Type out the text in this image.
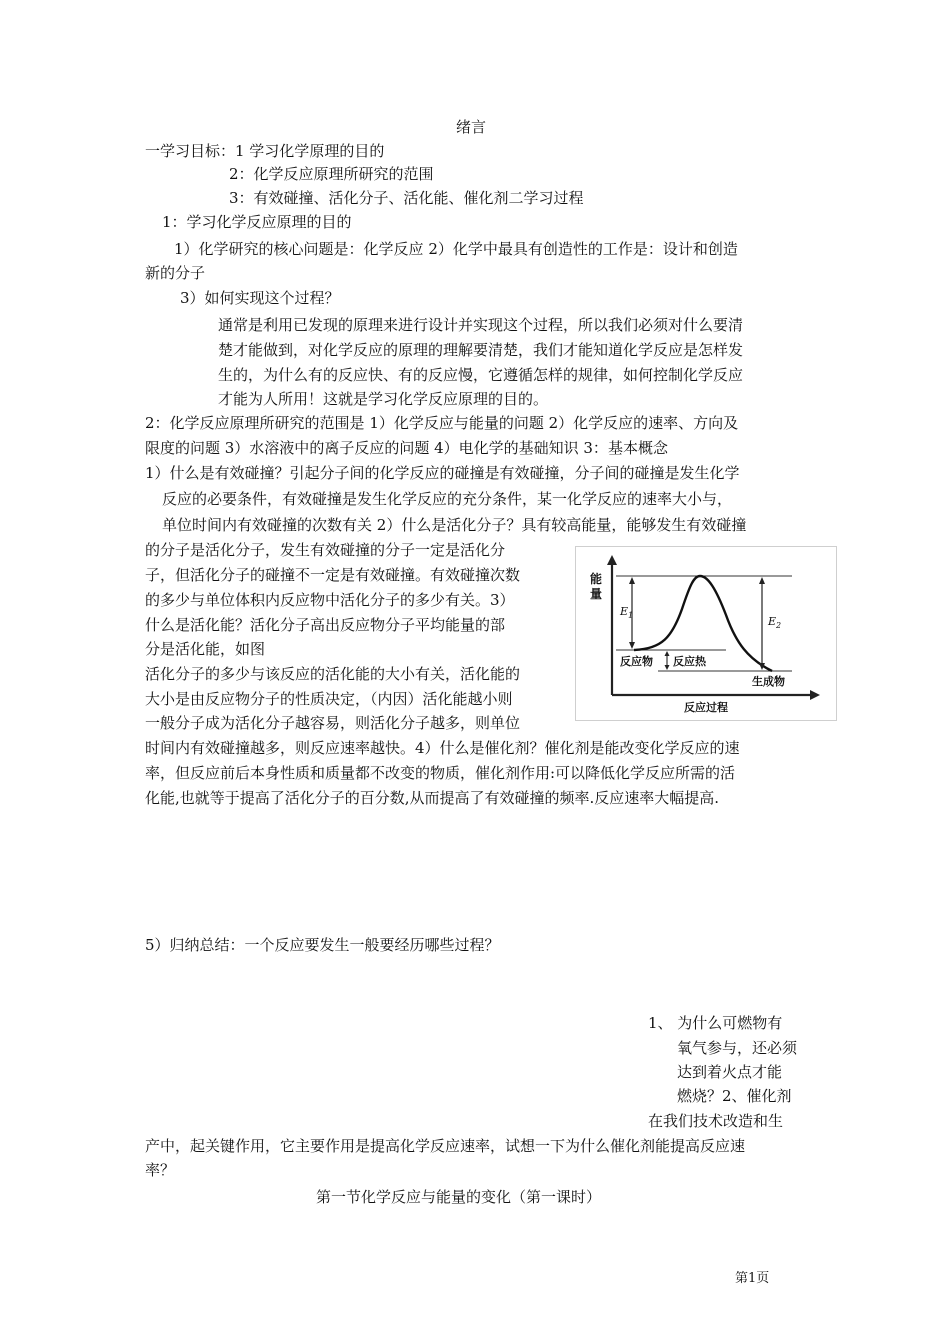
绪言
一学习目标：1 学习化学原理的目的
2：化学反应原理所研究的范围
3：有效碰撞、活化分子、活化能、催化剂二学习过程
1：学习化学反应原理的目的
1）化学研究的核心问题是：化学反应 2）化学中最具有创造性的工作是：设计和创造
新的分子
3）如何实现这个过程？
通常是利用已发现的原理来进行设计并实现这个过程，所以我们必须对什么要清
楚才能做到，对化学反应的原理的理解要清楚，我们才能知道化学反应是怎样发
生的，为什么有的反应快、有的反应慢，它遵循怎样的规律，如何控制化学反应
才能为人所用！这就是学习化学反应原理的目的。
2：化学反应原理所研究的范围是 1）化学反应与能量的问题 2）化学反应的速率、方向及
限度的问题 3）水溶液中的离子反应的问题 4）电化学的基础知识 3：基本概念
1）什么是有效碰撞？引起分子间的化学反应的碰撞是有效碰撞，分子间的碰撞是发生化学
反应的必要条件，有效碰撞是发生化学反应的充分条件，某一化学反应的速率大小与，
单位时间内有效碰撞的次数有关 2）什么是活化分子？具有较高能量，能够发生有效碰撞
的分子是活化分子，发生有效碰撞的分子一定是活化分
子，但活化分子的碰撞不一定是有效碰撞。有效碰撞次数
的多少与单位体积内反应物中活化分子的多少有关。3）
什么是活化能？活化分子高出反应物分子平均能量的部
分是活化能，如图
活化分子的多少与该反应的活化能的大小有关，活化能的
大小是由反应物分子的性质决定，（内因）活化能越小则
一般分子成为活化分子越容易，则活化分子越多，则单位
时间内有效碰撞越多，则反应速率越快。4）什么是催化剂？催化剂是能改变化学反应的速
率，但反应前后本身性质和质量都不改变的物质，催化剂作用:可以降低化学反应所需的活
化能,也就等于提高了活化分子的百分数,从而提高了有效碰撞的频率.反应速率大幅提高.
5）归纳总结：一个反应要发生一般要经历哪些过程？
1、 为什么可燃物有
氧气参与，还必须
达到着火点才能
燃烧？2、催化剂
在我们技术改造和生
产中，起关键作用，它主要作用是提高化学反应速率，试想一下为什么催化剂能提高反应速
率？
第一节化学反应与能量的变化（第一课时）
能
量
$E_1$	$E_2$
反应物 反应热
生成物
反应过程
第1页
